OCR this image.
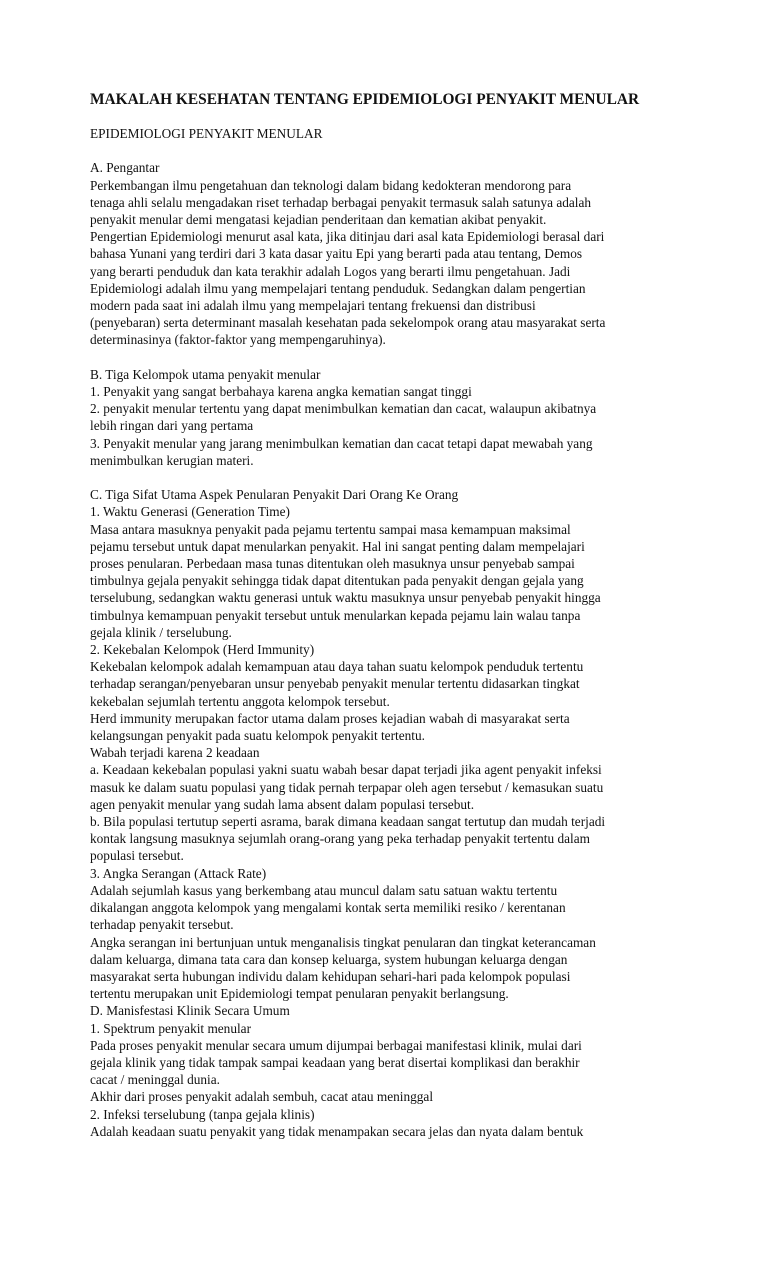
MAKALAH KESEHATAN TENTANG EPIDEMIOLOGI PENYAKIT MENULAR
EPIDEMIOLOGI PENYAKIT MENULAR
A. Pengantar
Perkembangan ilmu pengetahuan dan teknologi dalam bidang kedokteran mendorong para
tenaga ahli selalu mengadakan riset terhadap berbagai penyakit termasuk salah satunya adalah
penyakit menular demi mengatasi kejadian penderitaan dan kematian akibat penyakit.
Pengertian Epidemiologi menurut asal kata, jika ditinjau dari asal kata Epidemiologi berasal dari
bahasa Yunani yang terdiri dari 3 kata dasar yaitu Epi yang berarti pada atau tentang, Demos
yang berarti penduduk dan kata terakhir adalah Logos yang berarti ilmu pengetahuan. Jadi
Epidemiologi adalah ilmu yang mempelajari tentang penduduk. Sedangkan dalam pengertian
modern pada saat ini adalah ilmu yang mempelajari tentang frekuensi dan distribusi
(penyebaran) serta determinant masalah kesehatan pada sekelompok orang atau masyarakat serta
determinasinya (faktor-faktor yang mempengaruhinya).
B. Tiga Kelompok utama penyakit menular
1. Penyakit yang sangat berbahaya karena angka kematian sangat tinggi
2. penyakit menular tertentu yang dapat menimbulkan kematian dan cacat, walaupun akibatnya
lebih ringan dari yang pertama
3. Penyakit menular yang jarang menimbulkan kematian dan cacat tetapi dapat mewabah yang
menimbulkan kerugian materi.
C. Tiga Sifat Utama Aspek Penularan Penyakit Dari Orang Ke Orang
1. Waktu Generasi (Generation Time)
Masa antara masuknya penyakit pada pejamu tertentu sampai masa kemampuan maksimal
pejamu tersebut untuk dapat menularkan penyakit. Hal ini sangat penting dalam mempelajari
proses penularan. Perbedaan masa tunas ditentukan oleh masuknya unsur penyebab sampai
timbulnya gejala penyakit sehingga tidak dapat ditentukan pada penyakit dengan gejala yang
terselubung, sedangkan waktu generasi untuk waktu masuknya unsur penyebab penyakit hingga
timbulnya kemampuan penyakit tersebut untuk menularkan kepada pejamu lain walau tanpa
gejala klinik / terselubung.
2. Kekebalan Kelompok (Herd Immunity)
Kekebalan kelompok adalah kemampuan atau daya tahan suatu kelompok penduduk tertentu
terhadap serangan/penyebaran unsur penyebab penyakit menular tertentu didasarkan tingkat
kekebalan sejumlah tertentu anggota kelompok tersebut.
Herd immunity merupakan factor utama dalam proses kejadian wabah di masyarakat serta
kelangsungan penyakit pada suatu kelompok penyakit tertentu.
Wabah terjadi karena 2 keadaan
a. Keadaan kekebalan populasi yakni suatu wabah besar dapat terjadi jika agent penyakit infeksi
masuk ke dalam suatu populasi yang tidak pernah terpapar oleh agen tersebut / kemasukan suatu
agen penyakit menular yang sudah lama absent dalam populasi tersebut.
b. Bila populasi tertutup seperti asrama, barak dimana keadaan sangat tertutup dan mudah terjadi
kontak langsung masuknya sejumlah orang-orang yang peka terhadap penyakit tertentu dalam
populasi tersebut.
3. Angka Serangan (Attack Rate)
Adalah sejumlah kasus yang berkembang atau muncul dalam satu satuan waktu tertentu
dikalangan anggota kelompok yang mengalami kontak serta memiliki resiko / kerentanan
terhadap penyakit tersebut.
Angka serangan ini bertunjuan untuk menganalisis tingkat penularan dan tingkat keterancaman
dalam keluarga, dimana tata cara dan konsep keluarga, system hubungan keluarga dengan
masyarakat serta hubungan individu dalam kehidupan sehari-hari pada kelompok populasi
tertentu merupakan unit Epidemiologi tempat penularan penyakit berlangsung.
D. Manisfestasi Klinik Secara Umum
1. Spektrum penyakit menular
Pada proses penyakit menular secara umum dijumpai berbagai manifestasi klinik, mulai dari
gejala klinik yang tidak tampak sampai keadaan yang berat disertai komplikasi dan berakhir
cacat / meninggal dunia.
Akhir dari proses penyakit adalah sembuh, cacat atau meninggal
2. Infeksi terselubung (tanpa gejala klinis)
Adalah keadaan suatu penyakit yang tidak menampakan secara jelas dan nyata dalam bentuk
